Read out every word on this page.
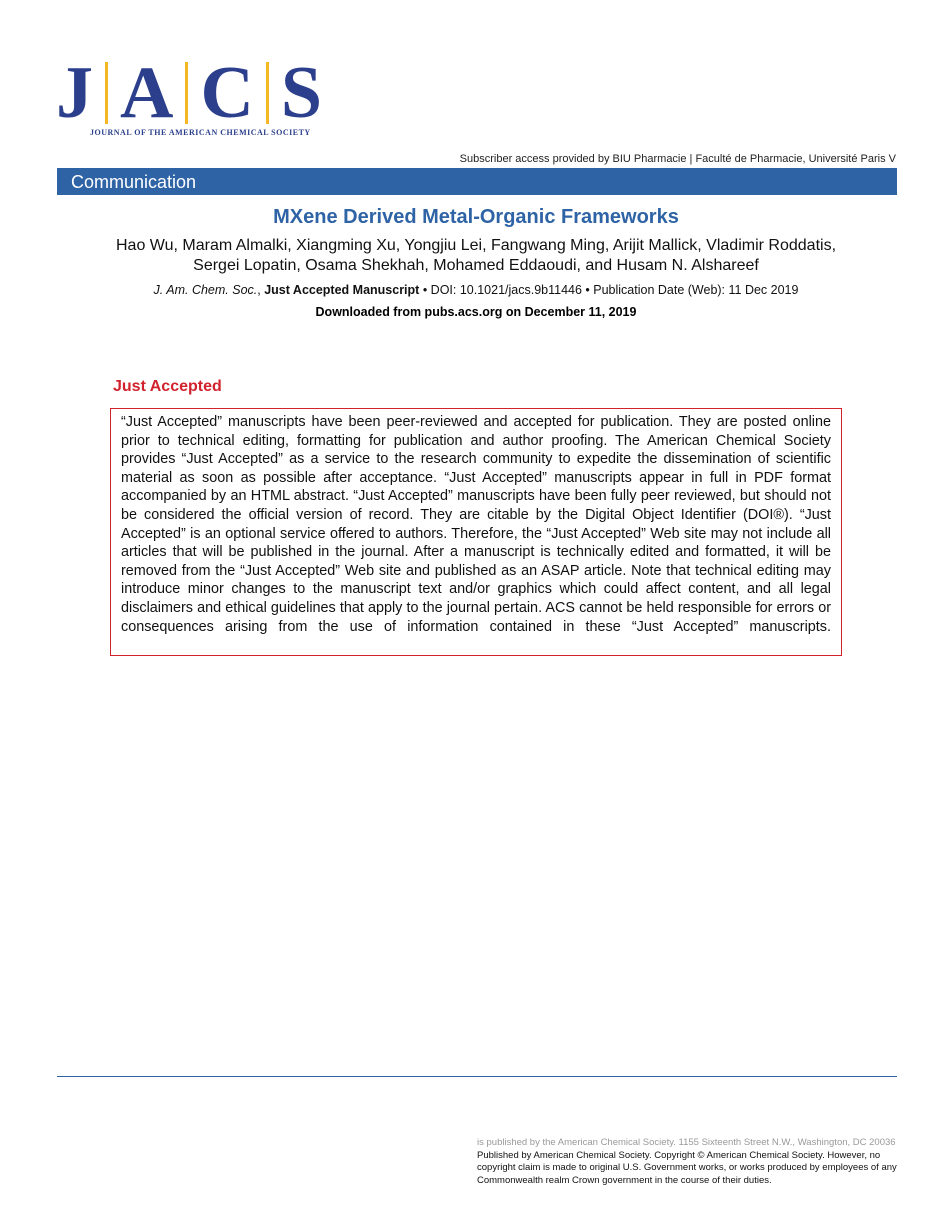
J A C S
JOURNAL OF THE AMERICAN CHEMICAL SOCIETY
Subscriber access provided by BIU Pharmacie | Faculté de Pharmacie, Université Paris V
Communication
MXene Derived Metal-Organic Frameworks
Hao Wu, Maram Almalki, Xiangming Xu, Yongjiu Lei, Fangwang Ming, Arijit Mallick, Vladimir Roddatis, Sergei Lopatin, Osama Shekhah, Mohamed Eddaoudi, and Husam N. Alshareef
J. Am. Chem. Soc., Just Accepted Manuscript • DOI: 10.1021/jacs.9b11446 • Publication Date (Web): 11 Dec 2019
Downloaded from pubs.acs.org on December 11, 2019
Just Accepted

“Just Accepted” manuscripts have been peer-reviewed and accepted for publication. They are posted online prior to technical editing, formatting for publication and author proofing. The American Chemical Society provides “Just Accepted” as a service to the research community to expedite the dissemination of scientific material as soon as possible after acceptance. “Just Accepted” manuscripts appear in full in PDF format accompanied by an HTML abstract. “Just Accepted” manuscripts have been fully peer reviewed, but should not be considered the official version of record. They are citable by the Digital Object Identifier (DOI®). “Just Accepted” is an optional service offered to authors. Therefore, the “Just Accepted” Web site may not include all articles that will be published in the journal. After a manuscript is technically edited and formatted, it will be removed from the “Just Accepted” Web site and published as an ASAP article. Note that technical editing may introduce minor changes to the manuscript text and/or graphics which could affect content, and all legal disclaimers and ethical guidelines that apply to the journal pertain. ACS cannot be held responsible for errors or consequences arising from the use of information contained in these “Just Accepted” manuscripts.

is published by the American Chemical Society. 1155 Sixteenth Street N.W., Washington, DC 20036
Published by American Chemical Society. Copyright © American Chemical Society. However, no copyright claim is made to original U.S. Government works, or works produced by employees of any Commonwealth realm Crown government in the course of their duties.
